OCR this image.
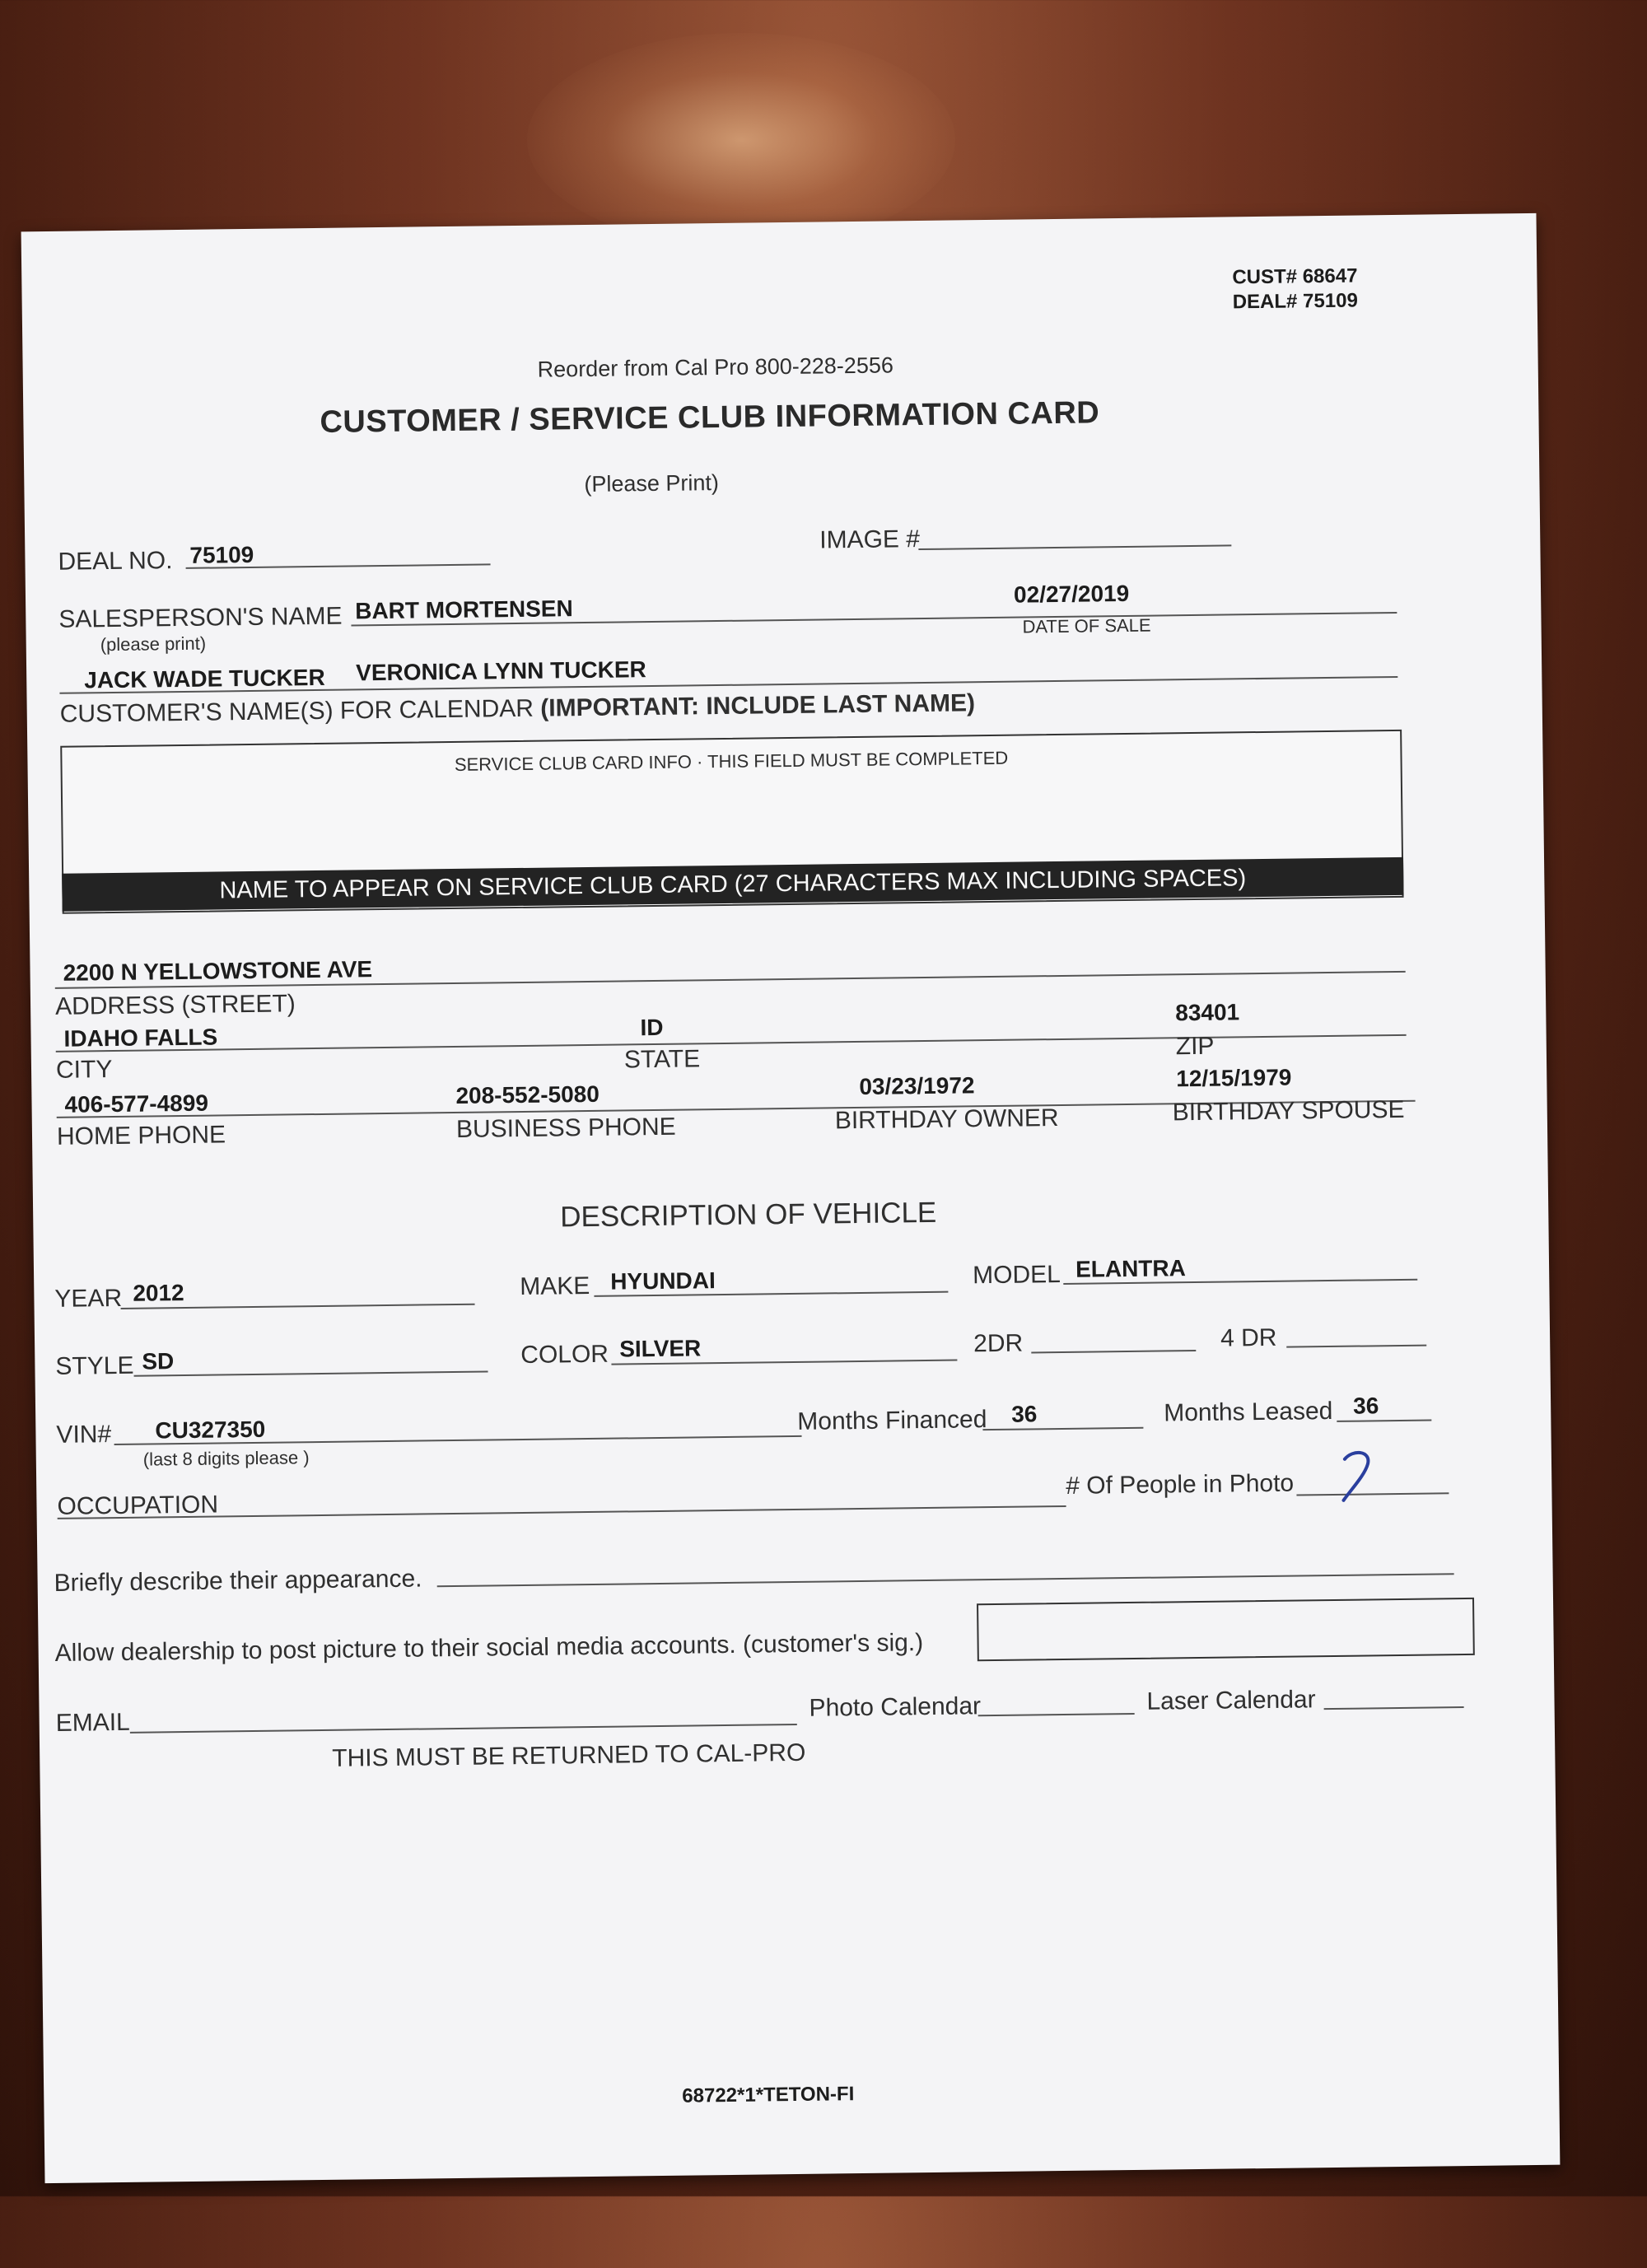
CUST# 68647
DEAL# 75109
Reorder from Cal Pro 800-228-2556
CUSTOMER / SERVICE CLUB INFORMATION CARD
(Please Print)
DEAL NO. 75109
IMAGE #
SALESPERSON'S NAME
(please print)
BART MORTENSEN
02/27/2019
DATE OF SALE
JACK WADE TUCKER VERONICA LYNN TUCKER
CUSTOMER'S NAME(S) FOR CALENDAR (IMPORTANT: INCLUDE LAST NAME)
SERVICE CLUB CARD INFO · THIS FIELD MUST BE COMPLETED
NAME TO APPEAR ON SERVICE CLUB CARD (27 CHARACTERS MAX INCLUDING SPACES)
2200 N YELLOWSTONE AVE
ADDRESS (STREET)
IDAHO FALLS	ID
83401
CITY	STATE	ZIP
406-577-4899	208-552-5080	03/23/1972	12/15/1979
HOME PHONE	BUSINESS PHONE	BIRTHDAY OWNER	BIRTHDAY SPOUSE
DESCRIPTION OF VEHICLE
YEAR 2012	MAKE HYUNDAI	MODEL ELANTRA
STYLE SD	COLOR SILVER	2DR	4 DR
VIN# CU327350
(last 8 digits please )
Months Financed 36	Months Leased 36
OCCUPATION
# Of People in Photo
Briefly describe their appearance.
Allow dealership to post picture to their social media accounts. (customer's sig.)
EMAIL
Photo Calendar	Laser Calendar
THIS MUST BE RETURNED TO CAL-PRO
68722*1*TETON-FI
